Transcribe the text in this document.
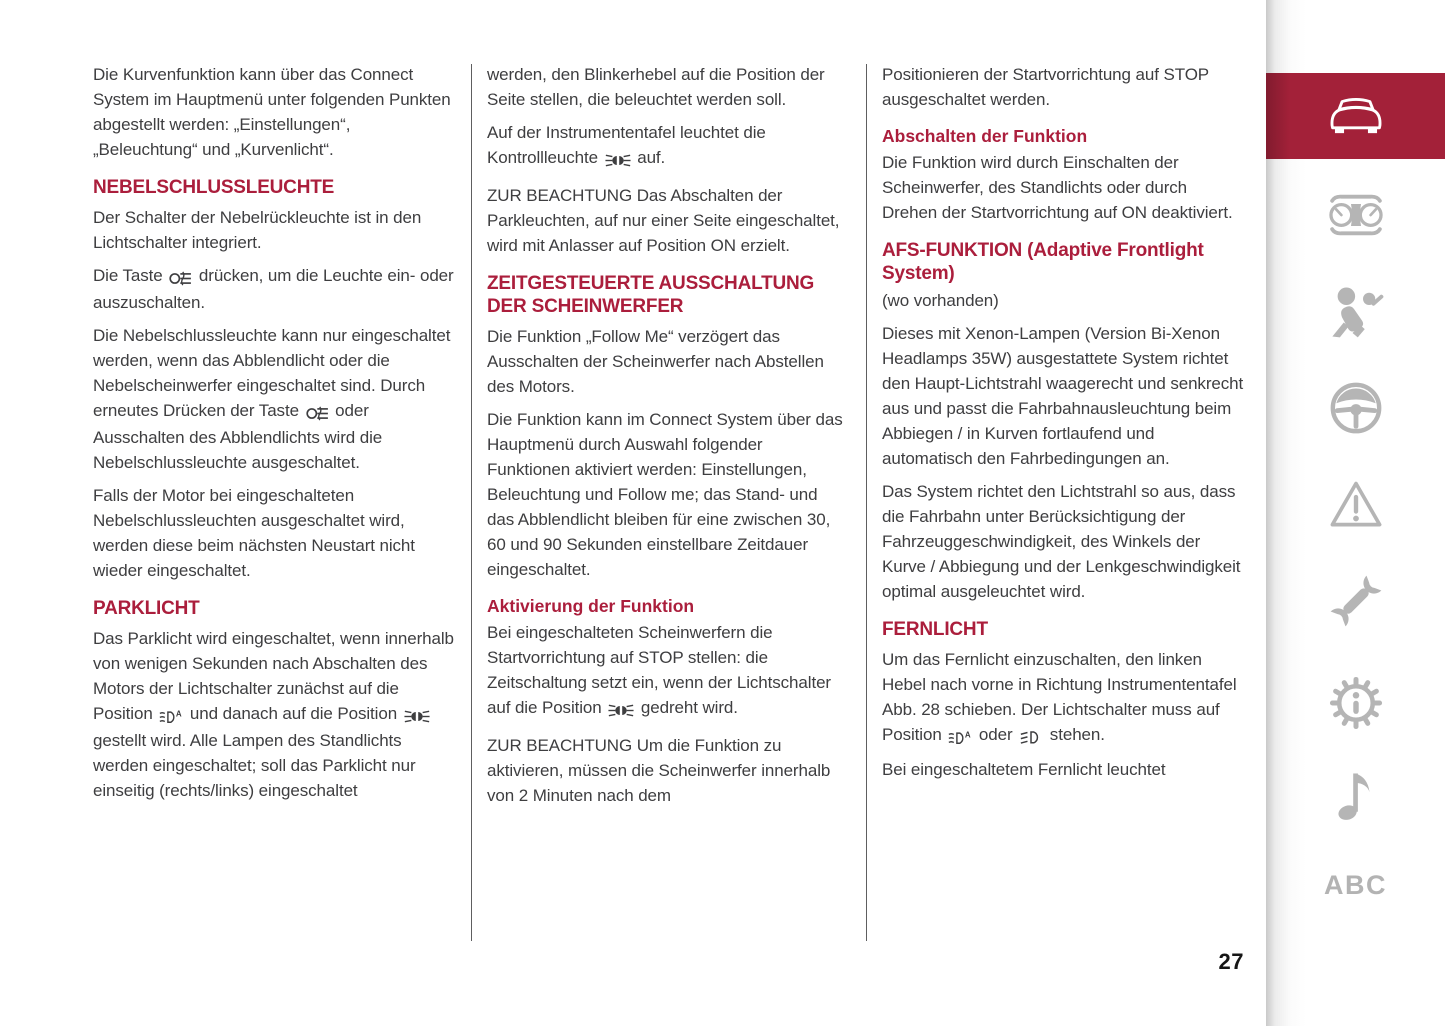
Die Kurvenfunktion kann über das Connect System im Hauptmenü unter folgenden Punkten abgestellt werden: „Einstellungen“, „Beleuchtung“ und „Kurvenlicht“.

NEBELSCHLUSSLEUCHTE

Der Schalter der Nebelrückleuchte ist in den Lichtschalter integriert.

Die Taste  drücken, um die Leuchte ein- oder auszuschalten.

Die Nebelschlussleuchte kann nur eingeschaltet werden, wenn das Abblendlicht oder die Nebelscheinwerfer eingeschaltet sind. Durch erneutes Drücken der Taste  oder Ausschalten des Abblendlichts wird die Nebelschlussleuchte ausgeschaltet.

Falls der Motor bei eingeschalteten Nebelschlussleuchten ausgeschaltet wird, werden diese beim nächsten Neustart nicht wieder eingeschaltet.

PARKLICHT

Das Parklicht wird eingeschaltet, wenn innerhalb von wenigen Sekunden nach Abschalten des Motors der Lichtschalter zunächst auf die Position A und danach auf die Position  gestellt wird. Alle Lampen des Standlichts werden eingeschaltet; soll das Parklicht nur einseitig (rechts/links) eingeschaltet

werden, den Blinkerhebel auf die Position der Seite stellen, die beleuchtet werden soll.

Auf der Instrumententafel leuchtet die Kontrollleuchte  auf.

ZUR BEACHTUNG Das Abschalten der Parkleuchten, auf nur einer Seite eingeschaltet, wird mit Anlasser auf Position ON erzielt.

ZEITGESTEUERTE AUSSCHALTUNG DER SCHEINWERFER

Die Funktion „Follow Me“ verzögert das Ausschalten der Scheinwerfer nach Abstellen des Motors.

Die Funktion kann im Connect System über das Hauptmenü durch Auswahl folgender Funktionen aktiviert werden: Einstellungen, Beleuchtung und Follow me; das Stand- und das Abblendlicht bleiben für eine zwischen 30, 60 und 90 Sekunden einstellbare Zeitdauer eingeschaltet.

Aktivierung der Funktion

Bei eingeschalteten Scheinwerfern die Startvorrichtung auf STOP stellen: die Zeitschaltung setzt ein, wenn der Lichtschalter auf die Position  gedreht wird.

ZUR BEACHTUNG Um die Funktion zu aktivieren, müssen die Scheinwerfer innerhalb von 2 Minuten nach dem

Positionieren der Startvorrichtung auf STOP ausgeschaltet werden.

Abschalten der Funktion

Die Funktion wird durch Einschalten der Scheinwerfer, des Standlichts oder durch Drehen der Startvorrichtung auf ON deaktiviert.

AFS-FUNKTION (Adaptive Frontlight System)

(wo vorhanden)

Dieses mit Xenon-Lampen (Version Bi-Xenon Headlamps 35W) ausgestattete System richtet den Haupt-Lichtstrahl waagerecht und senkrecht aus und passt die Fahrbahnausleuchtung beim Abbiegen / in Kurven fortlaufend und automatisch den Fahrbedingungen an.

Das System richtet den Lichtstrahl so aus, dass die Fahrbahn unter Berücksichtigung der Fahrzeuggeschwindigkeit, des Winkels der Kurve / Abbiegung und der Lenkgeschwindigkeit optimal ausgeleuchtet wird.

FERNLICHT

Um das Fernlicht einzuschalten, den linken Hebel nach vorne in Richtung Instrumententafel Abb. 28 schieben. Der Lichtschalter muss auf Position A oder  stehen.

Bei eingeschaltetem Fernlicht leuchtet

27
ABC
